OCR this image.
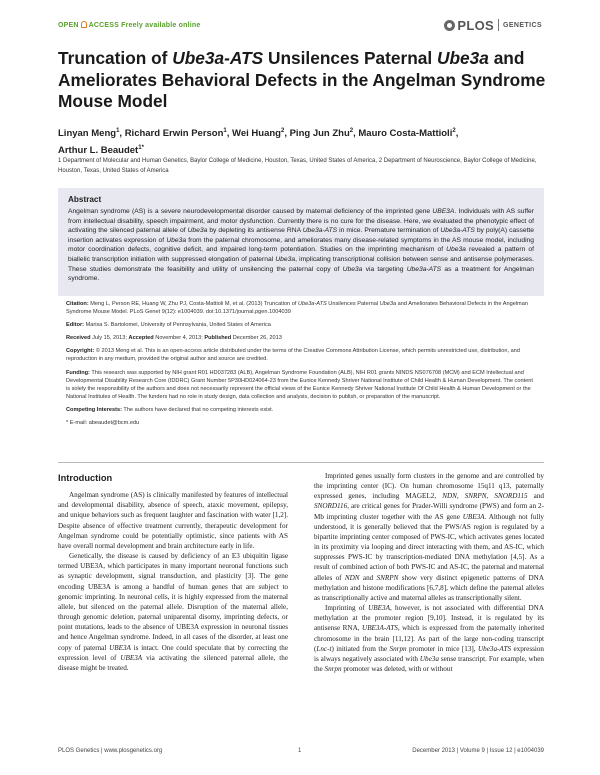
OPEN ACCESS Freely available online	PLOS GENETICS
Truncation of Ube3a-ATS Unsilences Paternal Ube3a and Ameliorates Behavioral Defects in the Angelman Syndrome Mouse Model
Linyan Meng$^1$, Richard Erwin Person$^1$, Wei Huang$^2$, Ping Jun Zhu$^2$, Mauro Costa-Mattioli$^2$,
Arthur L. Beaudet$^{1*}$
1 Department of Molecular and Human Genetics, Baylor College of Medicine, Houston, Texas, United States of America, 2 Department of Neuroscience, Baylor College of Medicine, Houston, Texas, United States of America
Abstract
Angelman syndrome (AS) is a severe neurodevelopmental disorder caused by maternal deficiency of the imprinted gene UBE3A. Individuals with AS suffer from intellectual disability, speech impairment, and motor dysfunction. Currently there is no cure for the disease. Here, we evaluated the phenotypic effect of activating the silenced paternal allele of Ube3a by depleting its antisense RNA Ube3a-ATS in mice. Premature termination of Ube3a-ATS by poly(A) cassette insertion activates expression of Ube3a from the paternal chromosome, and ameliorates many disease-related symptoms in the AS mouse model, including motor coordination defects, cognitive deficit, and impaired long-term potentiation. Studies on the imprinting mechanism of Ube3a revealed a pattern of biallelic transcription initiation with suppressed elongation of paternal Ube3a, implicating transcriptional collision between sense and antisense polymerases. These studies demonstrate the feasibility and utility of unsilencing the paternal copy of Ube3a via targeting Ube3a-ATS as a treatment for Angelman syndrome.

Citation: Meng L, Person RE, Huang W, Zhu PJ, Costa-Mattioli M, et al. (2013) Truncation of Ube3a-ATS Unsilences Paternal Ube3a and Ameliorates Behavioral Defects in the Angelman Syndrome Mouse Model. PLoS Genet 9(12): e1004039. doi:10.1371/journal.pgen.1004039

Editor: Marisa S. Bartolomei, University of Pennsylvania, United States of America

Received July 15, 2013; Accepted November 4, 2013; Published December 26, 2013

Copyright: © 2013 Meng et al. This is an open-access article distributed under the terms of the Creative Commons Attribution License, which permits unrestricted use, distribution, and reproduction in any medium, provided the original author and source are credited.

Funding: This research was supported by NIH grant R01 HD037283 (ALB), Angelman Syndrome Foundation (ALB), NIH R01 grants NINDS NS076708 (MCM) and ECM Intellectual and Developmental Disability Research Core (IDDRC) Grant Number 5P30HD024064-23 from the Eunice Kennedy Shriver National Institute of Child Health & Human Development. The content is solely the responsibility of the authors and does not necessarily represent the official views of the Eunice Kennedy Shriver National Institute Of Child Health & Human Development or the National Institutes of Health. The funders had no role in study design, data collection and analysis, decision to publish, or preparation of the manuscript.

Competing Interests: The authors have declared that no competing interests exist.

* E-mail: abeaudet@bcm.edu

Introduction

Angelman syndrome (AS) is clinically manifested by features of intellectual and developmental disability, absence of speech, ataxic movement, epilepsy, and unique behaviors such as frequent laughter and fascination with water [1,2]. Despite absence of effective treatment currently, therapeutic development for Angelman syndrome could be potentially optimistic, since patients with AS have overall normal development and brain architecture early in life.

Genetically, the disease is caused by deficiency of an E3 ubiquitin ligase termed UBE3A, which participates in many important neuronal functions such as synaptic development, signal transduction, and plasticity [3]. The gene encoding UBE3A is among a handful of human genes that are subject to genomic imprinting. In neuronal cells, it is highly expressed from the maternal allele, but silenced on the paternal allele. Disruption of the maternal allele, through genomic deletion, paternal uniparental disomy, imprinting defects, or point mutations, leads to the absence of UBE3A expression in neuronal tissues and hence Angelman syndrome. Indeed, in all cases of the disorder, at least one copy of paternal UBE3A is intact. One could speculate that by correcting the expression level of UBE3A via activating the silenced paternal allele, the disease might be treated.

Imprinted genes usually form clusters in the genome and are controlled by the imprinting center (IC). On human chromosome 15q11 q13, paternally expressed genes, including MAGEL2, NDN, SNRPN, SNORD115 and SNORD116, are critical genes for Prader-Willi syndrome (PWS) and form an 2-Mb imprinting cluster together with the AS gene UBE3A. Although not fully understood, it is generally believed that the PWS/AS region is regulated by a bipartite imprinting center composed of PWS-IC, which activates genes located in its proximity via looping and direct interacting with them, and AS-IC, which suppresses PWS-IC by transcription-mediated DNA methylation [4,5]. As a result of combined action of both PWS-IC and AS-IC, the paternal and maternal alleles of NDN and SNRPN show very distinct epigenetic patterns of DNA methylation and histone modifications [6,7,8], which define the paternal alleles as transcriptionally active and maternal alleles as transcriptionally silent.

Imprinting of UBE3A, however, is not associated with differential DNA methylation at the promoter region [9,10]. Instead, it is regulated by its antisense RNA, UBE3A-ATS, which is expressed from the paternally inherited chromosome in the brain [11,12]. As part of the large non-coding transcript (Lnc-t) initiated from the Snrpn promoter in mice [13], Ube3a-ATS expression is always negatively associated with Ube3a sense transcript. For example, when the Snrpn promoter was deleted, with or without

PLOS Genetics | www.plosgenetics.org	1	December 2013 | Volume 9 | Issue 12 | e1004039
